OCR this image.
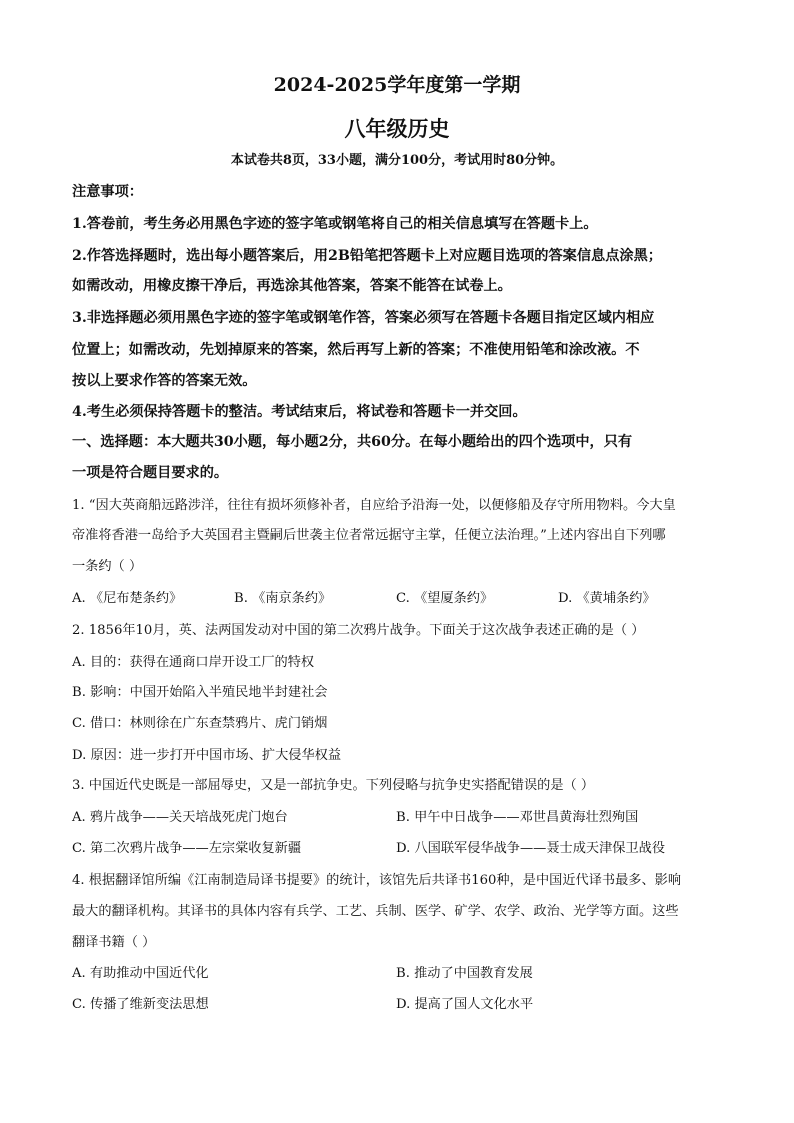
2024-2025学年度第一学期
八年级历史
本试卷共8页，33小题，满分100分，考试用时80分钟。
注意事项：
1.答卷前，考生务必用黑色字迹的签字笔或钢笔将自己的相关信息填写在答题卡上。
2.作答选择题时，选出每小题答案后，用2B铅笔把答题卡上对应题目选项的答案信息点涂黑；
如需改动，用橡皮擦干净后，再选涂其他答案，答案不能答在试卷上。
3.非选择题必须用黑色字迹的签字笔或钢笔作答，答案必须写在答题卡各题目指定区域内相应
位置上；如需改动，先划掉原来的答案，然后再写上新的答案；不准使用铅笔和涂改液。不
按以上要求作答的答案无效。
4.考生必须保持答题卡的整洁。考试结束后，将试卷和答题卡一并交回。
一、选择题：本大题共30小题，每小题2分，共60分。在每小题给出的四个选项中，只有
一项是符合题目要求的。
1. “因大英商船远路涉洋，往往有损坏须修补者，自应给予沿海一处，以便修船及存守所用物料。今大皇
帝准将香港一岛给予大英国君主暨嗣后世袭主位者常远据守主掌，任便立法治理。”上述内容出自下列哪
一条约（ ）
A. 《尼布楚条约》	B. 《南京条约》	C. 《望厦条约》	D. 《黄埔条约》
2. 1856年10月，英、法两国发动对中国的第二次鸦片战争。下面关于这次战争表述正确的是（ ）
A. 目的：获得在通商口岸开设工厂的特权
B. 影响：中国开始陷入半殖民地半封建社会
C. 借口：林则徐在广东查禁鸦片、虎门销烟
D. 原因：进一步打开中国市场、扩大侵华权益
3. 中国近代史既是一部屈辱史，又是一部抗争史。下列侵略与抗争史实搭配错误的是（ ）
A. 鸦片战争——关天培战死虎门炮台	B. 甲午中日战争——邓世昌黄海壮烈殉国
C. 第二次鸦片战争——左宗棠收复新疆	D. 八国联军侵华战争——聂士成天津保卫战役
4. 根据翻译馆所编《江南制造局译书提要》的统计，该馆先后共译书160种，是中国近代译书最多、影响
最大的翻译机构。其译书的具体内容有兵学、工艺、兵制、医学、矿学、农学、政治、光学等方面。这些
翻译书籍（ ）
A. 有助推动中国近代化	B. 推动了中国教育发展
C. 传播了维新变法思想	D. 提高了国人文化水平
